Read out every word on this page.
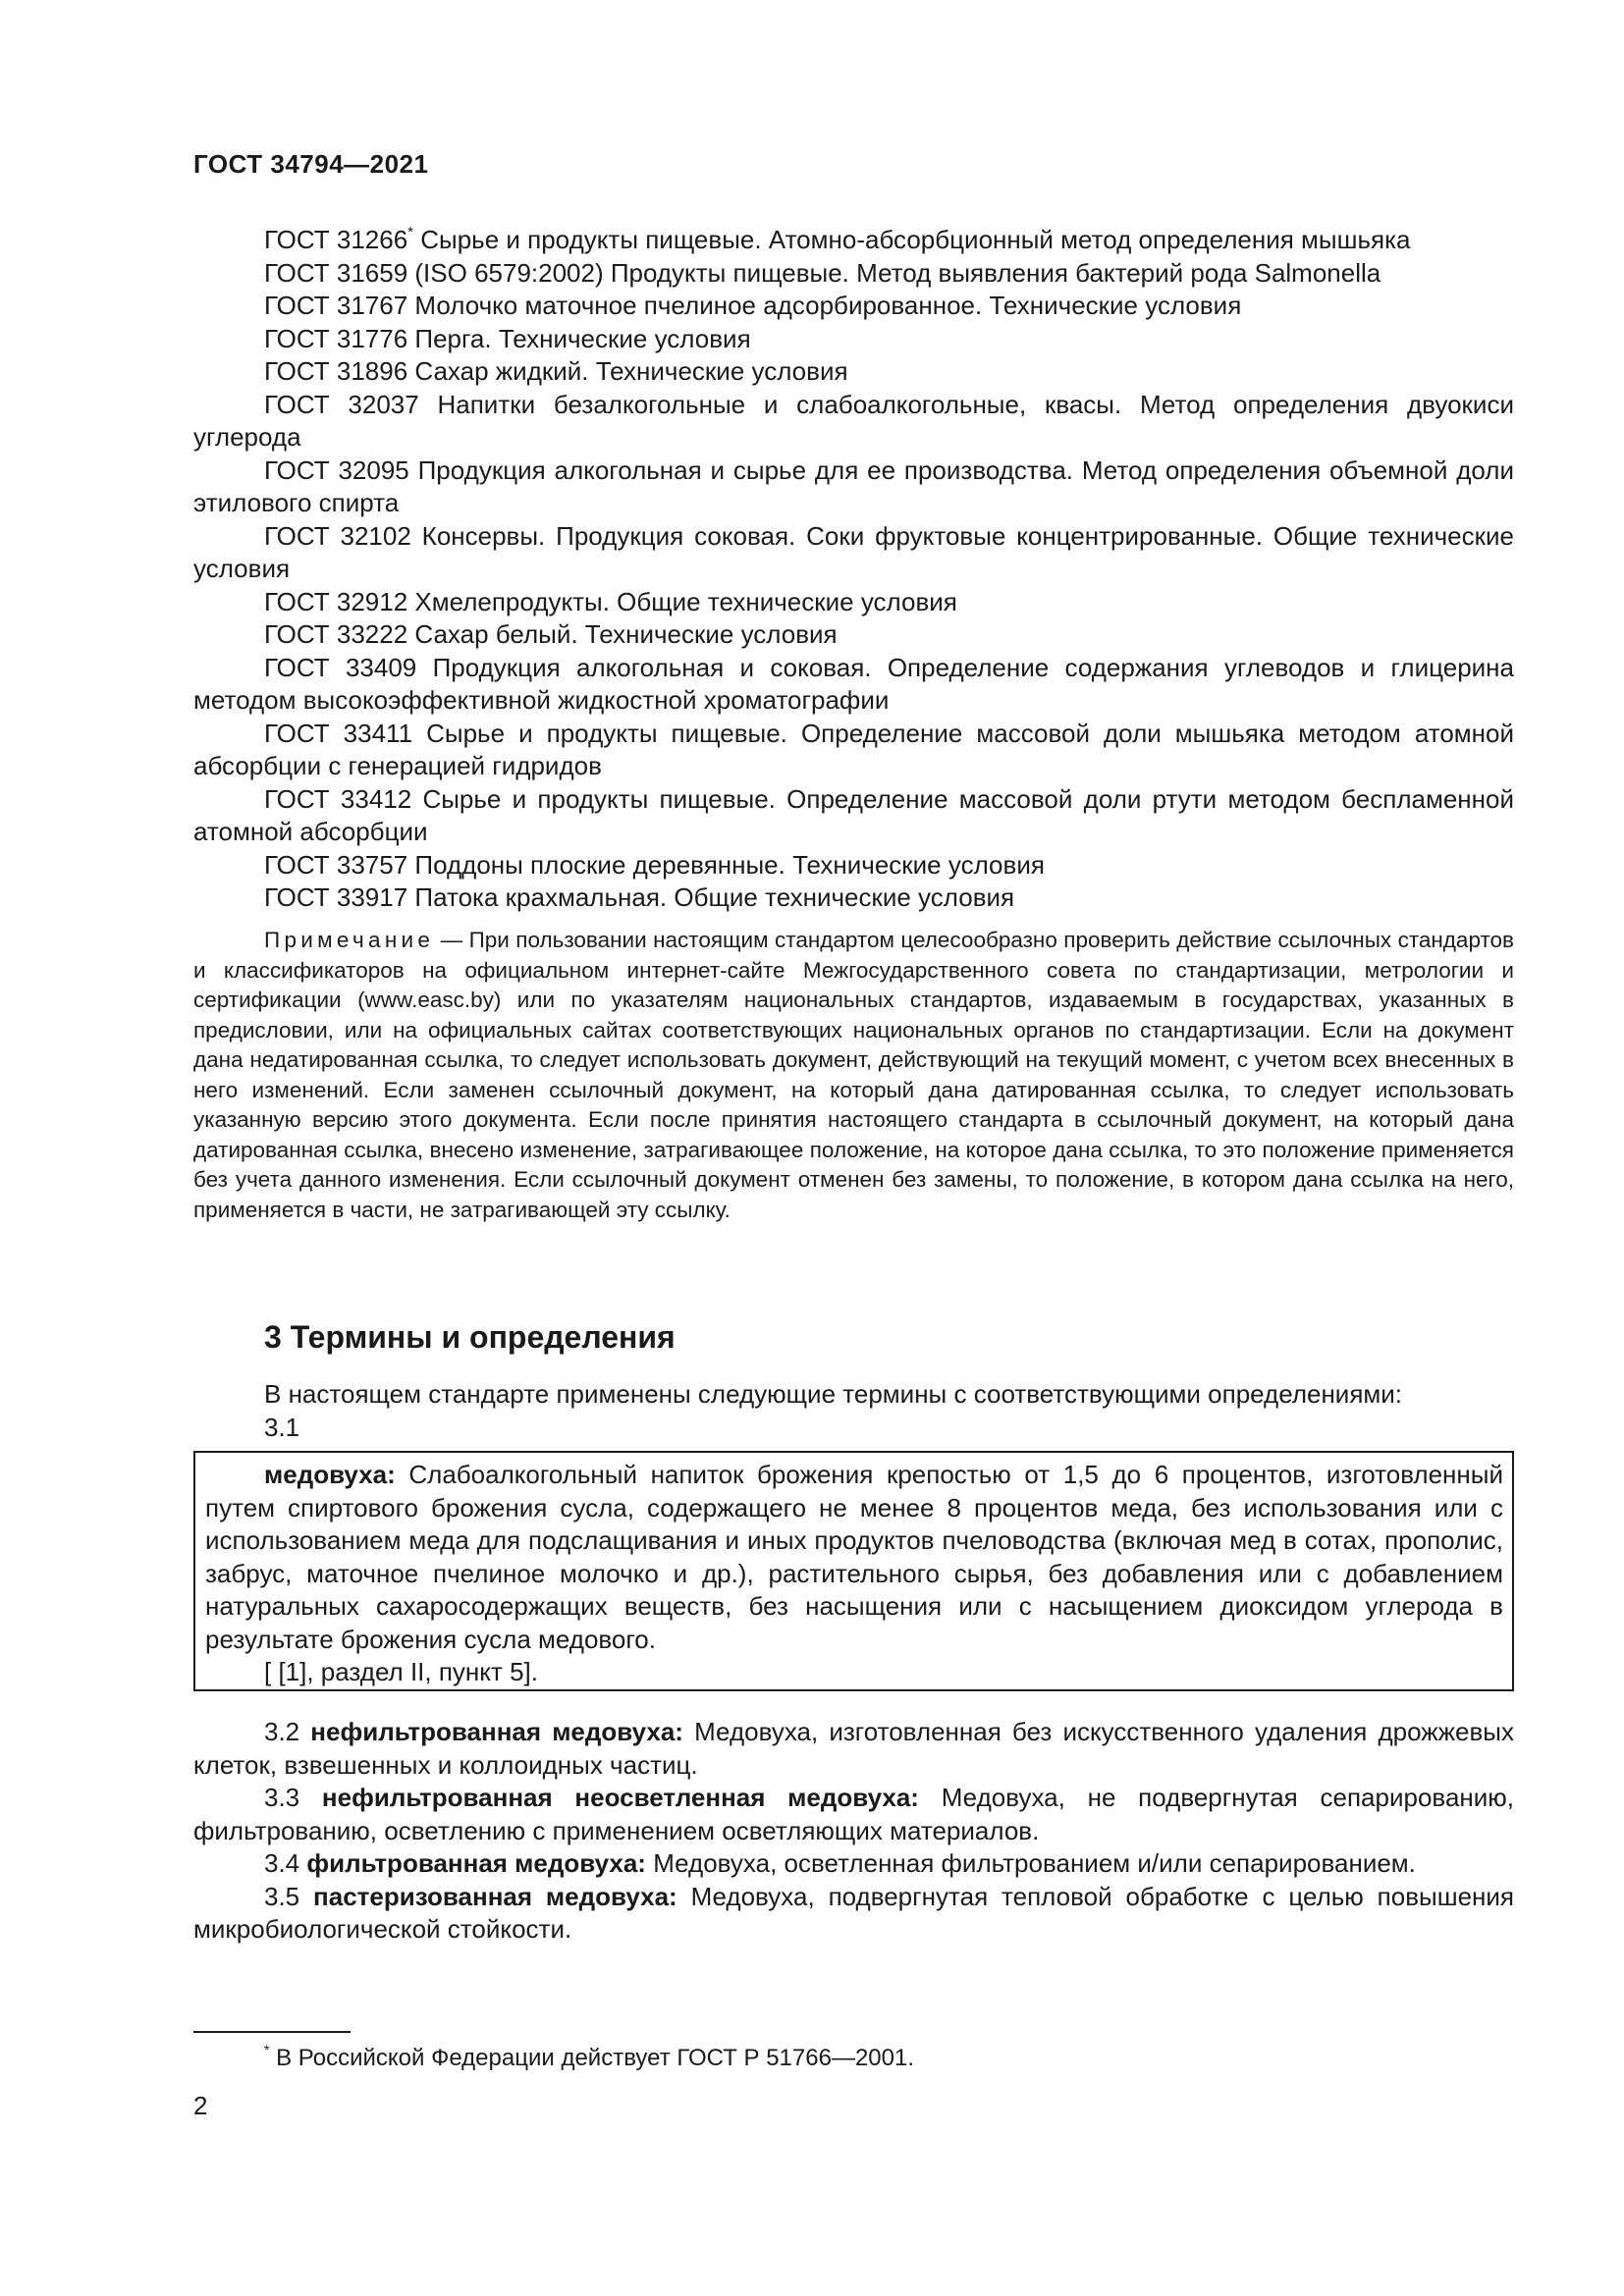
ГОСТ 34794—2021

ГОСТ 31266* Сырье и продукты пищевые. Атомно-абсорбционный метод определения мышьяка

ГОСТ 31659 (ISO 6579:2002) Продукты пищевые. Метод выявления бактерий рода Salmonella

ГОСТ 31767 Молочко маточное пчелиное адсорбированное. Технические условия

ГОСТ 31776 Перга. Технические условия

ГОСТ 31896 Сахар жидкий. Технические условия

ГОСТ 32037 Напитки безалкогольные и слабоалкогольные, квасы. Метод определения двуокиси углерода

ГОСТ 32095 Продукция алкогольная и сырье для ее производства. Метод определения объемной доли этилового спирта

ГОСТ 32102 Консервы. Продукция соковая. Соки фруктовые концентрированные. Общие технические условия

ГОСТ 32912 Хмелепродукты. Общие технические условия

ГОСТ 33222 Сахар белый. Технические условия

ГОСТ 33409 Продукция алкогольная и соковая. Определение содержания углеводов и глицерина методом высокоэффективной жидкостной хроматографии

ГОСТ 33411 Сырье и продукты пищевые. Определение массовой доли мышьяка методом атомной абсорбции с генерацией гидридов

ГОСТ 33412 Сырье и продукты пищевые. Определение массовой доли ртути методом беспламенной атомной абсорбции

ГОСТ 33757 Поддоны плоские деревянные. Технические условия

ГОСТ 33917 Патока крахмальная. Общие технические условия

Примечание — При пользовании настоящим стандартом целесообразно проверить действие ссылочных стандартов и классификаторов на официальном интернет-сайте Межгосударственного совета по стандартизации, метрологии и сертификации (www.easc.by) или по указателям национальных стандартов, издаваемым в государствах, указанных в предисловии, или на официальных сайтах соответствующих национальных органов по стандартизации. Если на документ дана недатированная ссылка, то следует использовать документ, действующий на текущий момент, с учетом всех внесенных в него изменений. Если заменен ссылочный документ, на который дана датированная ссылка, то следует использовать указанную версию этого документа. Если после принятия настоящего стандарта в ссылочный документ, на который дана датированная ссылка, внесено изменение, затрагивающее положение, на которое дана ссылка, то это положение применяется без учета данного изменения. Если ссылочный документ отменен без замены, то положение, в котором дана ссылка на него, применяется в части, не затрагивающей эту ссылку.
3 Термины и определения

В настоящем стандарте применены следующие термины с соответствующими определениями:

3.1

медовуха: Слабоалкогольный напиток брожения крепостью от 1,5 до 6 процентов, изготовленный путем спиртового брожения сусла, содержащего не менее 8 процентов меда, без использования или с использованием меда для подслащивания и иных продуктов пчеловодства (включая мед в сотах, прополис, забрус, маточное пчелиное молочко и др.), растительного сырья, без добавления или с добавлением натуральных сахаросодержащих веществ, без насыщения или с насыщением диоксидом углерода в результате брожения сусла медового.

[ [1], раздел II, пункт 5].

3.2 нефильтрованная медовуха: Медовуха, изготовленная без искусственного удаления дрожжевых клеток, взвешенных и коллоидных частиц.

3.3 нефильтрованная неосветленная медовуха: Медовуха, не подвергнутая сепарированию, фильтрованию, осветлению с применением осветляющих материалов.

3.4 фильтрованная медовуха: Медовуха, осветленная фильтрованием и/или сепарированием.

3.5 пастеризованная медовуха: Медовуха, подвергнутая тепловой обработке с целью повышения микробиологической стойкости.

* В Российской Федерации действует ГОСТ Р 51766—2001.
2
